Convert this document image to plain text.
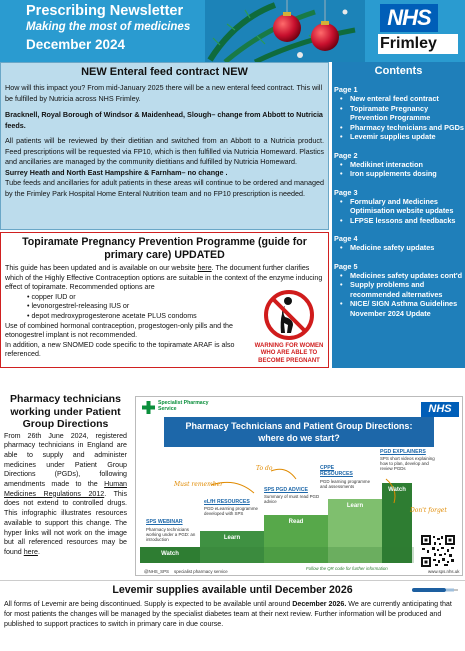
Prescribing Newsletter
Making the most of medicines
December 2024
NHS
Frimley
NEW Enteral feed contract NEW

How will this impact you? From mid-January 2025 there will be a new enteral feed contract. This will be fulfilled by Nutricia across NHS Frimley.

Bracknell, Royal Borough of Windsor & Maidenhead, Slough– change from Abbott to Nutricia feeds.

All patients will be reviewed by their dietitian and switched from an Abbott to a Nutricia product. Feed prescriptions will be requested via FP10, which is then fulfilled via Nutricia Homeward. Plastics and ancillaries are managed by the community dietitians and fulfilled by Nutricia Homeward.

Surrey Heath and North East Hampshire & Farnham– no change .

Tube feeds and ancillaries for adult patients in these areas will continue to be ordered and managed by the Frimley Park Hospital Home Enteral Nutrition team and no FP10 prescription is needed.

Contents
Page 1
• New enteral feed contract
• Topiramate Pregnancy Prevention Programme
• Pharmacy technicians and PGDs
• Levemir supplies update
Page 2
• Medikinet interaction
• Iron supplements dosing
Page 3
• Formulary and Medicines Optimisation website updates
• LFPSE lessons and feedbacks
Page 4
• Medicine safety updates
Page 5
• Medicines safety updates cont'd
• Supply problems and recommended alternatives
• NICE/ SIGN Asthma Guidelines November 2024 Update
Topiramate Pregnancy Prevention Programme (guide for primary care) UPDATED
This guide has been updated and is available on our website here. The document further clarifies which of the Highly Effective Contraception options are suitable in the context of the enzyme inducing effect of topiramate. Recommended options are
• copper IUD or
• levonorgestrel-releasing IUS or
• depot medroxyprogesterone acetate PLUS condoms
Use of combined hormonal contraception, progestogen-only pills and the etonogestrel implant is not recommended.
In addition, a new SNOMED code specific to the topiramate ARAF is also referenced.
WARNING FOR WOMEN WHO ARE ABLE TO BECOME PREGNANT
Pharmacy technicians working under Patient Group Directions

From 26th June 2024, registered pharmacy technicians in England are able to supply and administer medicines under Patient Group Directions (PGDs), following amendments made to the Human Medicines Regulations 2012. This does not extend to controlled drugs. This infographic illustrates resources available to support this change. The hyper links will not work on the image but all referenced resources may be found here.

Specialist Pharmacy Service	NHS
Pharmacy Technicians and Patient Group Directions:
where do we start?
Watch
Learn
Read
Learn
Watch
SPS WEBINAR
Pharmacy technicians working under a PGD: an introduction
eLfH RESOURCES
PGD eLearning programme developed with SPS
SPS PGD ADVICE
Summary of must read PGD advice
CPPE RESOURCES
PGD learning programme and assessments
PGD EXPLAINERS
SPS short videos explaining how to plan, develop and review PGDs
Must remember
To do
Don't forget
Follow the QR code for further information
@NHS_SPS specialist pharmacy service	www.sps.nhs.uk
Levemir supplies available until December 2026

All forms of Levemir are being discontinued. Supply is expected to be available until around December 2026. We are currently anticipating that for most patients the changes will be managed by the specialist diabetes team at their next review. Further information will be produced and published to support practices to switch in primary care in due course.
